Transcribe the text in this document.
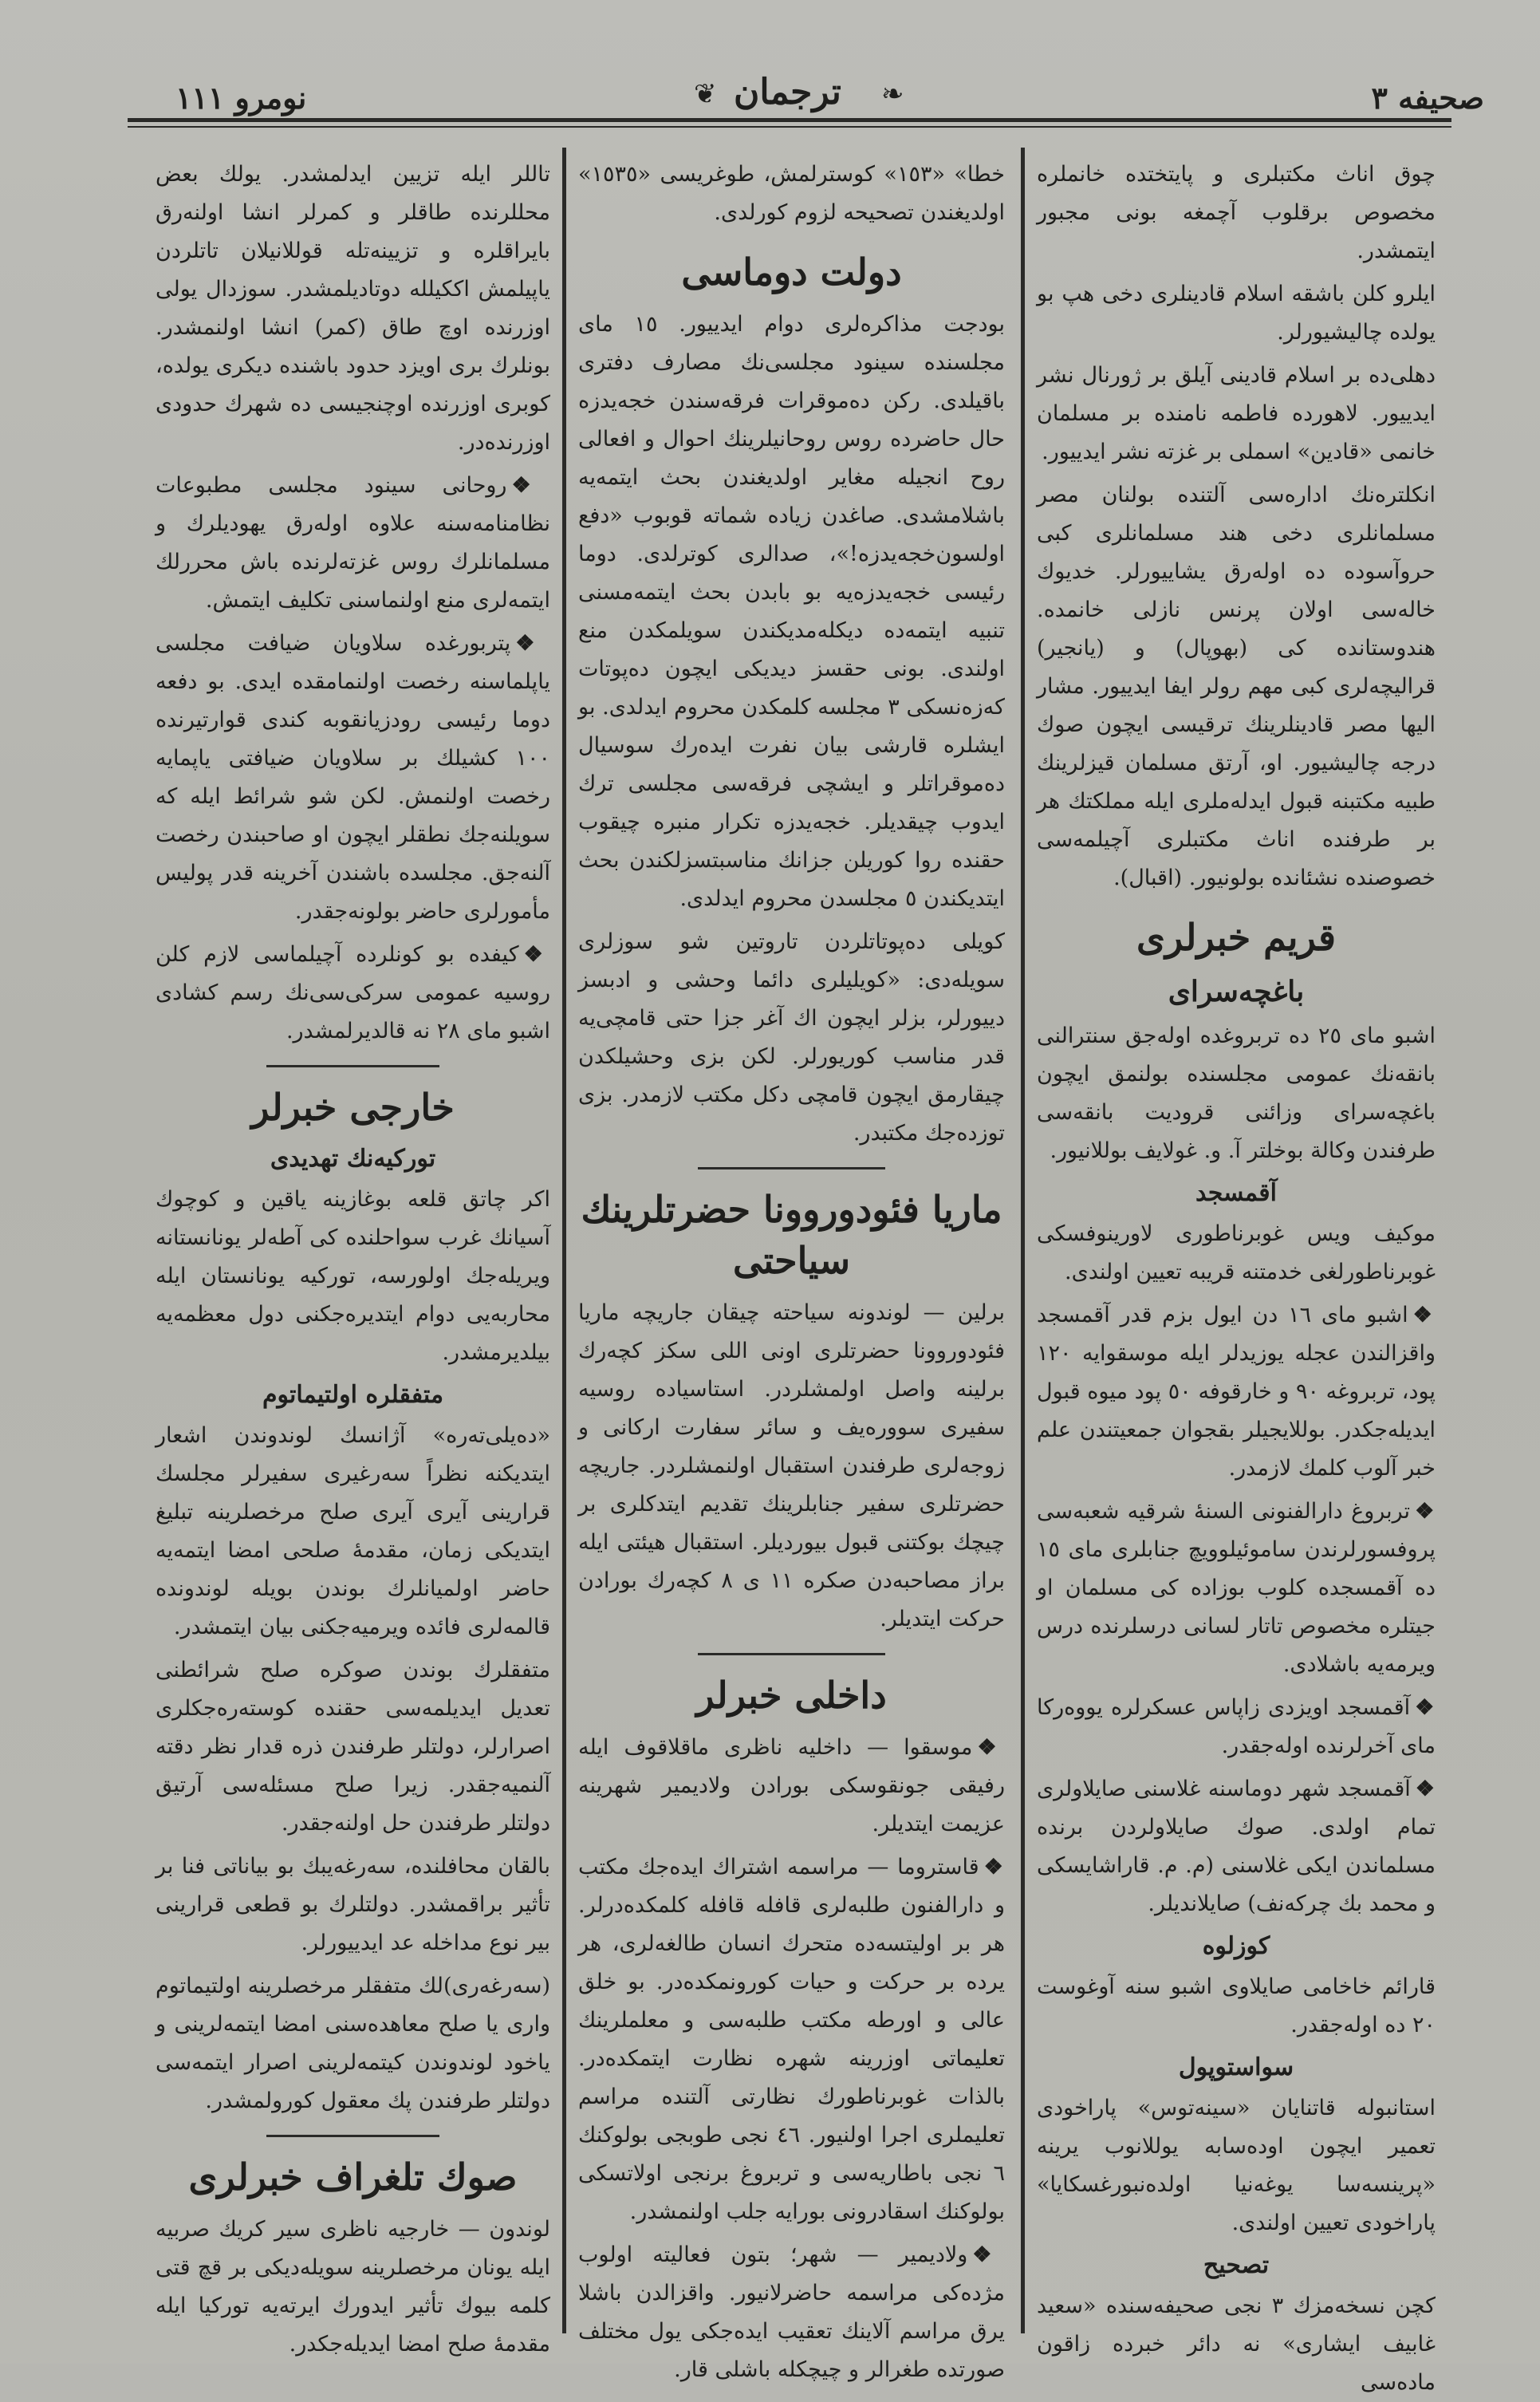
صحيفه ٣
❧
ترجمان
❦
نومرو ١١١

چوق اناث مكتبلری و پایتختده خانملره مخصوص برقلوب آچمغه بونی مجبور ایتمشدر.

ایلرو كلن باشقه اسلام قادینلری دخی هپ بو یولده چالیشیورلر.

دهلی‌ده بر اسلام قادینی آیلق بر ژورنال نشر ایدییور. لاهورده فاطمه نامنده بر مسلمان خانمی «قادین» اسملی بر غزته نشر ایدییور.

انكلترەنك ادارەسی آلتنده بولنان مصر مسلمانلری دخی هند مسلمانلری كبی حروآسوده ده اولەرق یشاییورلر. خدیوك خالەسی اولان پرنس نازلی خانمده. هندوستانده كی (بهوپال) و (یانجیر) قرالیچەلری كبی مهم رولر ایفا ایدییور. مشار الیها مصر قادینلرینك ترقیسی ایچون صوك درجه چالیشیور. او، آرتق مسلمان قیزلرینك طبیه مكتبنه قبول ایدلەملری ایله مملكتك هر بر طرفنده اناث مكتبلری آچیلمەسی خصوصنده نشئانده بولونیور. (اقبال).

قریم خبرلری
باغچه‌سرای

اشبو مای ٢٥ ده تربروغده اولەجق سنترالنی بانقەنك عمومی مجلسنده بولنمق ایچون باغچه‌سرای وزائنی قرودیت بانقەسی طرفندن وكالة بوخلتر آ. و. غولایف بوللانیور.

آقمسجد

موكیف ویس غوبرناطوری لاورینوفسكی غوبرناطورلغی خدمتنه قریبه تعیین اولندی.

❖اشبو مای ١٦ دن ایول بزم قدر آقمسجد واقزالندن عجله یوزیدلر ایله موسقوایه ١٢٠ پود، تربروغه ٩٠ و خارقوفه ٥٠ پود میوه قبول ایدیله‌جكدر. بوللایجیلر بقجوان جمعیتندن علم خبر آلوب كلمك لازمدر.

❖تربروغ دارالفنونی السنهٔ شرقیه شعبەسی پروفسورلرندن ساموئیلوویچ جنابلری مای ١٥ ده آقمسجده كلوب بوزاده كی مسلمان او جیتلره مخصوص تاتار لسانی درسلرنده درس ویرمه‌یه باشلادی.

❖آقمسجد اویزدی زاپاس عسكرلره یووەركا مای آخرلرنده اولەجقدر.

❖آقمسجد شهر دوماسنه غلاسنی صایلاولری تمام اولدی. صوك صایلاولردن برنده مسلماندن ایكی غلاسنی (م. م. قاراشایسكی و محمد بك چركەنف) صایلاندیلر.

كوزلوه

قارائم خاخامی صایلاوی اشبو سنه آوغوست ٢٠ ده اولەجقدر.

سواستوپول

استانبوله قاتنایان «سینەتوس» پاراخودی تعمیر ایچون اودەسابه یوللانوب یرینه «پرینسەسا یوغه‌نیا اولدەنبورغسكایا» پاراخودی تعیین اولندی.

تصحیح

كچن نسخەمزك ٣ نجی صحیفەسنده «سعید غابیف ایشاری» نه دائر خبرده زاقون ماده‌سی

خطا» «١٥٣» كوسترلمش، طوغریسی «١٥٣٥» اولدیغندن تصحیحه لزوم كورلدی.

دولت دوماسی

بودجت مذاكرەلری دوام ایدییور. ١٥ مای مجلسنده سینود مجلسی‌نك مصارف دفتری باقیلدی. ركن دەموقرات فرقەسندن خجه‌یدزه حال حاضرده روس روحانیلرینك احوال و افعالی روح انجیله مغایر اولدیغندن بحث ایتمه‌یه باشلامشدی. صاغدن زیاده شماته قوبوب «دفع اولسون‌خجه‌یدزه!»، صدالری كوترلدی. دوما رئیسی خجه‌یدزه‌یه بو بابدن بحث ایتمەمسنی تنبیه ایتمه‌ده دیكله‌مدیكندن سویلمكدن منع اولندی. بونی حقسز دیدیكی ایچون دەپوتات كەزەنسكی ٣ مجلسه كلمكدن محروم ایدلدی. بو ایشلره قارشی بیان نفرت ایدەرك سوسیال دەموقراتلر و ایشچی فرقەسی مجلسی ترك ایدوب چیقدیلر. خجه‌یدزه تكرار منبره چیقوب حقنده روا كوریلن جزانك مناسبتسزلكندن بحث ایتدیكندن ٥ مجلسدن محروم ایدلدی.

كویلی دەپوتاتلردن تاروتین شو سوزلری سویلەدی: «كویلیلری دائما وحشی و ادبسز دییورلر، بزلر ایچون اك آغر جزا حتی قامچی‌یه قدر مناسب كوریورلر. لكن بزی وحشیلكدن چیقارمق ایچون قامچی دكل مكتب لازمدر. بزی توزدەجك مكتبدر.

ماریا فئودوروونا حضرتلرینك سیاحتی

برلین — لوندونه سیاحته چیقان جاریچه ماریا فئودوروونا حضرتلری اونی اللی سكز كچه‌رك برلینه واصل اولمشلردر. استاسیاده روسیه سفیری سوورەیف و سائر سفارت ارکانی و زوجەلری طرفندن استقبال اولنمشلردر. جاریچه حضرتلری سفیر جنابلرینك تقدیم ایتدكلری بر چیچك بوكتنی قبول بیوردیلر. استقبال هیئتی ایله براز مصاحبەدن صكره ١١ ی ٨ كچەرك بورادن حركت ایتدیلر.

داخلی خبرلر

❖موسقوا — داخلیه ناظری ماقلاقوف ایله رفیقی جونقوسكی بورادن ولادیمیر شهرینه عزیمت ایتدیلر.

❖قاستروما — مراسمه اشتراك ایدەجك مكتب و دارالفنون طلبەلری قافله قافله كلمكده‌درلر. هر بر اولیتسەده متحرك انسان طالغەلری، هر یرده بر حركت و حیات كورونمكده‌در. بو خلق عالی و اورطه مكتب طلبه‌سی و معلملرینك تعلیماتی اوزرینه شهره نظارت ایتمكده‌در. بالذات غوبرناطورك نظارتی آلتنده مراسم تعلیملری اجرا اولنیور. ٤٦ نجی طوبجی بولوكنك ٦ نجی باطاریه‌سی و تربروغ برنجی اولاتسكی بولوكنك اسقادرونی بورایه جلب اولنمشدر.

❖ولادیمیر — شهر؛ بتون فعالیته اولوب مژده‌كی مراسمه حاضرلانیور. واقزالدن باشلا یرق مراسم آلاینك تعقیب ایدەجكی یول مختلف صورتده طغرالر و چیچكله باشلی قار.

تاللر ایله تزیین ایدلمشدر. یولك بعض محللرنده طاقلر و كمرلر انشا اولنه‌رق بایراقلره و تزیینەتله قوللانیلان تاتلردن یاپیلمش اككیلله دوتادیلمشدر. سوزدال یولی اوزرنده اوچ طاق (كمر) انشا اولنمشدر. بونلرك بری اویزد حدود باشنده دیكری یولده، كوبری اوزرنده اوچنجیسی ده شهرك حدودی اوزرنده‌در.

❖روحانی سینود مجلسی مطبوعات نظامنامه‌سنه علاوه اولەرق یهودیلرك و مسلمانلرك روس غزته‌لرنده باش محررلك ایتمه‌لری منع اولنماسنی تكلیف ایتمش.

❖پتربورغده سلاویان ضیافت مجلسی یاپلماسنه رخصت اولنمامقده ایدی. بو دفعه دوما رئیسی رودزیانقوبه كندی قوارتیرنده ١٠٠ كشیلك بر سلاویان ضیافتی یاپمایه رخصت اولنمش. لكن شو شرائط ایله كه سویلنەجك نطقلر ایچون او صاحبندن رخصت آلنەجق. مجلسده باشندن آخرینه قدر پولیس مأمورلری حاضر بولونەجقدر.

❖كیفده بو كونلرده آچیلماسی لازم كلن روسیه عمومی سركی‌سی‌نك رسم كشادی اشبو مای ٢٨ نه قالدیرلمشدر.

خارجی خبرلر
توركیه‌نك تهدیدی

اكر چاتق قلعه بوغازینه یاقین و كوچوك آسیانك غرب سواحلنده كی آطەلر یونانستانه ویریلەجك اولورسه، توركیه یونانستان ایله محاربه‌یی دوام ایتدیرەجكنی دول معظمه‌یه بیلدیرمشدر.

متفقلره اولتیماتوم

«دەیلی‌تەره» آژانسك لوندوندن اشعار ایتدیكنه نظراً سەرغیری سفیرلر مجلسك قرارینی آیری آیری صلح مرخصلرینه تبلیغ ایتدیكی زمان، مقدمهٔ صلحی امضا ایتمه‌یه حاضر اولمیانلرك بوندن بویله لوندونده قالمەلری فائده ویرمیه‌جكنی بیان ایتمشدر.

متفقلرك بوندن صوكره صلح شرائطنی تعدیل ایدیلمه‌سی حقنده كوستەرەجكلری اصرارلر، دولتلر طرفندن ذره قدار نظر دقته آلنمیه‌جقدر. زیرا صلح مسئلەسی آرتیق دولتلر طرفندن حل اولنه‌جقدر.

بالقان محافلنده، سەرغەیبك بو بیاناتی فنا بر تأثیر براقمشدر. دولتلرك بو قطعی قرارینی بیر نوع مداخله عد ایدییورلر.

(سەرغەری)لك متفقلر مرخصلرینه اولتیماتوم واری یا صلح معاهده‌سنی امضا ایتمەلرینی و یاخود لوندوندن كیتمەلرینی اصرار ایتمەسی دولتلر طرفندن پك معقول كورولمشدر.

صوك تلغراف خبرلری

لوندون — خارجیه ناظری سیر كریك صربیه ایله یونان مرخصلرینه سویلەدیكی بر قچ قتی كلمه بیوك تأثیر ایدورك ایرته‌یه توركیا ایله مقدمهٔ صلح امضا ایدیله‌جكدر.
